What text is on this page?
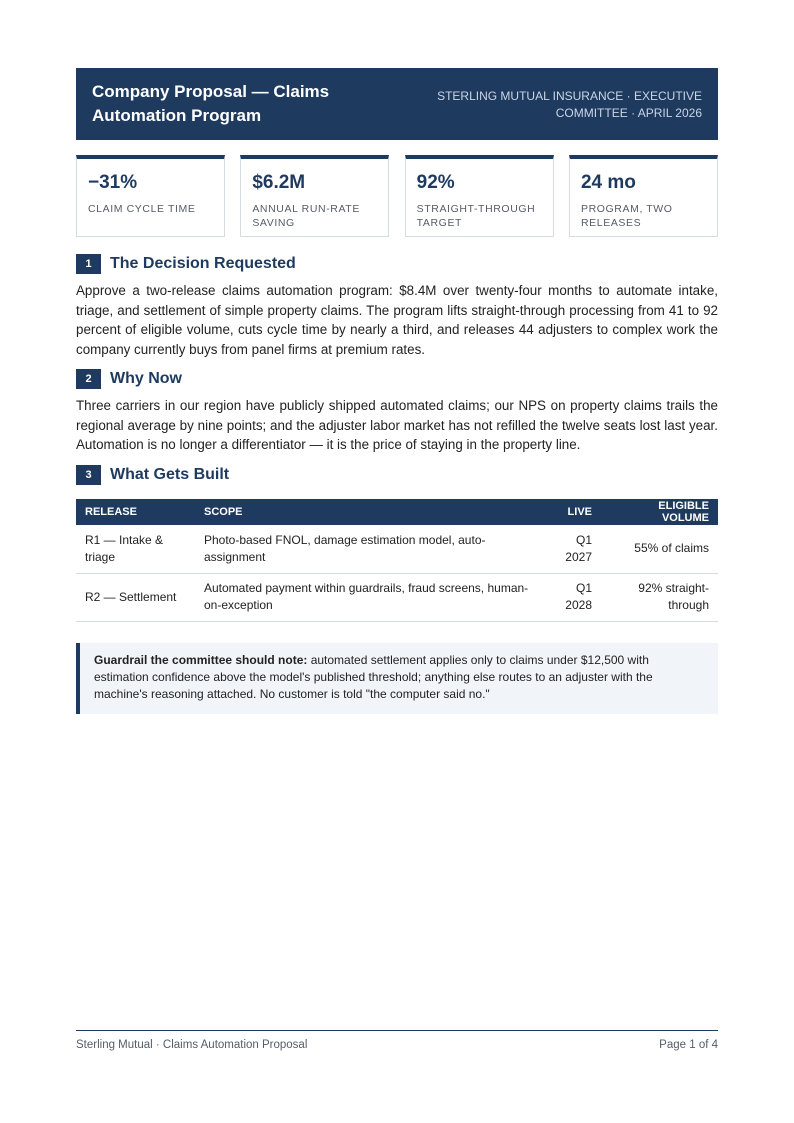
Company Proposal — Claims Automation Program
STERLING MUTUAL INSURANCE · EXECUTIVE COMMITTEE · APRIL 2026
−31%
CLAIM CYCLE TIME
$6.2M
ANNUAL RUN-RATE SAVING
92%
STRAIGHT-THROUGH TARGET
24 mo
PROGRAM, TWO RELEASES
1	The Decision Requested

Approve a two-release claims automation program: $8.4M over twenty-four months to automate intake, triage, and settlement of simple property claims. The program lifts straight-through processing from 41 to 92 percent of eligible volume, cuts cycle time by nearly a third, and releases 44 adjusters to complex work the company currently buys from panel firms at premium rates.

2	Why Now

Three carriers in our region have publicly shipped automated claims; our NPS on property claims trails the regional average by nine points; and the adjuster labor market has not refilled the twelve seats lost last year. Automation is no longer a differentiator — it is the price of staying in the property line.

3	What Gets Built
RELEASE	SCOPE	LIVE	ELIGIBLE VOLUME
R1 — Intake & triage	Photo-based FNOL, damage estimation model, auto-assignment	Q1 2027	55% of claims
R2 — Settlement	Automated payment within guardrails, fraud screens, human-on-exception	Q1 2028	92% straight-through
Guardrail the committee should note: automated settlement applies only to claims under $12,500 with estimation confidence above the model's published threshold; anything else routes to an adjuster with the machine's reasoning attached. No customer is told "the computer said no."
Sterling Mutual · Claims Automation Proposal	Page 1 of 4
